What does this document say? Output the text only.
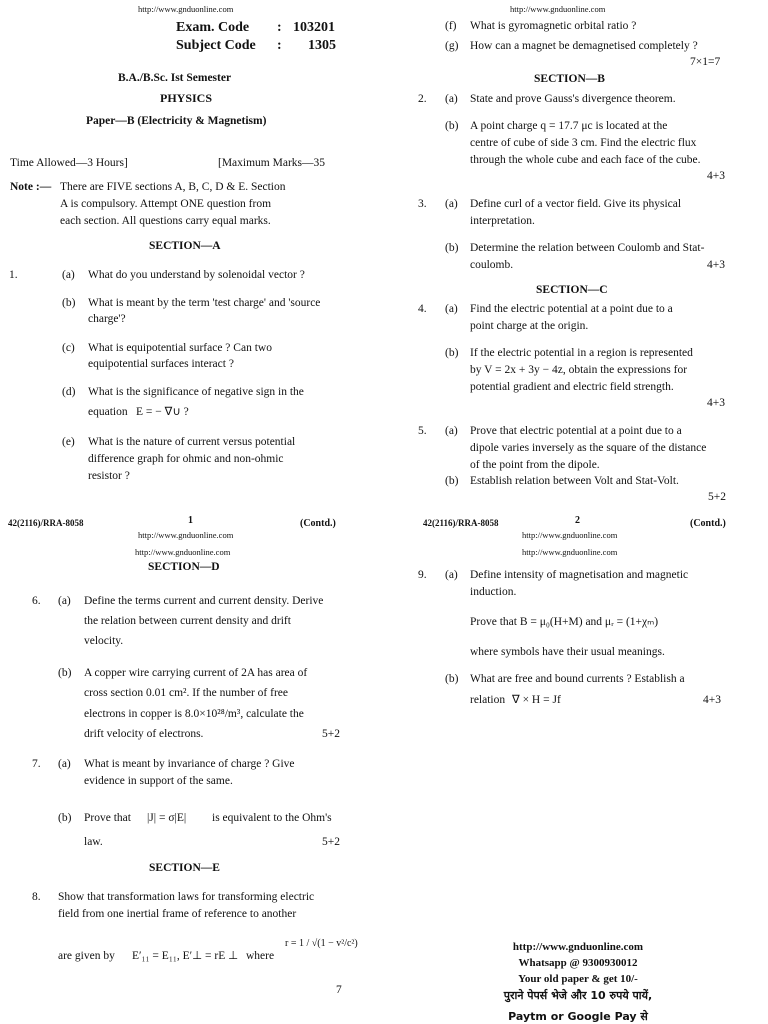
http://www.gnduonline.com
Exam. Code : 103201
Subject Code : 1305
B.A./B.Sc. Ist Semester
PHYSICS
Paper—B (Electricity & Magnetism)
Time Allowed—3 Hours]	[Maximum Marks—35
Note :— There are FIVE sections A, B, C, D & E. Section
A is compulsory. Attempt ONE question from
each section. All questions carry equal marks.
SECTION—A
1.	(a) What do you understand by solenoidal vector ?
(b) What is meant by the term 'test charge' and 'source
charge'?
(c) What is equipotential surface ? Can two
equipotential surfaces interact ?
(d) What is the significance of negative sign in the
equation E = − ∇∪ ?
(e) What is the nature of current versus potential
difference graph for ohmic and non-ohmic
resistor ?
42(2116)/RRA-8058	1	(Contd.)
http://www.gnduonline.com
(f) What is gyromagnetic orbital ratio ?
(g) How can a magnet be demagnetised completely ?
7×1=7
SECTION—B
2. (a) State and prove Gauss's divergence theorem.
(b) A point charge q = 17.7 μc is located at the
centre of cube of side 3 cm. Find the electric flux
through the whole cube and each face of the cube.
4+3
3. (a) Define curl of a vector field. Give its physical
interpretation.
(b) Determine the relation between Coulomb and Stat-
coulomb.	4+3
SECTION—C
4. (a) Find the electric potential at a point due to a
point charge at the origin.
(b) If the electric potential in a region is represented
by V = 2x + 3y − 4z, obtain the expressions for
potential gradient and electric field strength.
4+3
5. (a) Prove that electric potential at a point due to a
dipole varies inversely as the square of the distance
of the point from the dipole.
(b) Establish relation between Volt and Stat-Volt.
5+2
42(2116)/RRA-8058	2	(Contd.)
http://www.gnduonline.com
http://www.gnduonline.com
SECTION—D
6. (a) Define the terms current and current density. Derive
the relation between current density and drift
velocity.
(b) A copper wire carrying current of 2A has area of
cross section 0.01 cm². If the number of free
electrons in copper is 8.0×10²⁸/m³, calculate the
drift velocity of electrons.	5+2
7. (a) What is meant by invariance of charge ? Give
evidence in support of the same.
(b) Prove that |J| = σ|E| is equivalent to the Ohm's
law.	5+2
SECTION—E
8. Show that transformation laws for transforming electric
field from one inertial frame of reference to another
are given by E′₁₁ = E₁₁, E′⊥ = rE ⊥ where
r = 1 / √(1 − v²/c²)
7
http://www.gnduonline.com
http://www.gnduonline.com
9. (a) Define intensity of magnetisation and magnetic
induction.
Prove that B = μ₀(H+M) and μᵣ = (1+χₘ)
where symbols have their usual meanings.
(b) What are free and bound currents ? Establish a
relation ∇ × H = Jf	4+3
http://www.gnduonline.com
Whatsapp @ 9300930012
Your old paper & get 10/-
पुराने पेपर्स भेजे और 10 रुपये पायें,
Paytm or Google Pay से
